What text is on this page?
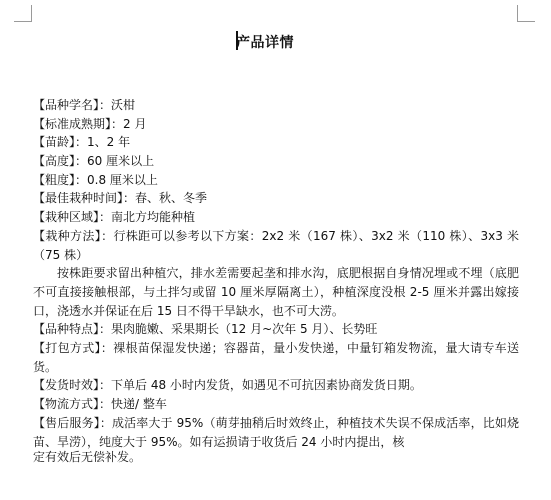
产品详情
【品种学名】：沃柑
【标准成熟期】：2 月
【苗龄】：1、2 年
【高度】：60 厘米以上
【粗度】：0.8 厘米以上
【最佳栽种时间】：春、秋、冬季
【栽种区域】：南北方均能种植
【栽种方法】：行株距可以参考以下方案：2x2 米（167 株）、3x2 米（110 株）、3x3 米（75 株）
按株距要求留出种植穴，排水差需要起垄和排水沟，底肥根据自身情况埋或不埋（底肥不可直接接触根部，与土拌匀或留 10 厘米厚隔离土），种植深度没根 2-5 厘米并露出嫁接口，浇透水并保证在后 15 日不得干旱缺水，也不可大涝。
【品种特点】：果肉脆嫩、采果期长（12 月~次年 5 月）、长势旺
【打包方式】：裸根苗保湿发快递；容器苗，量小发快递，中量钉箱发物流，量大请专车送货。
【发货时效】：下单后 48 小时内发货，如遇见不可抗因素协商发货日期。
【物流方式】：快递/ 整车
【售后服务】：成活率大于 95%（萌芽抽稍后时效终止，种植技术失误不保成活率，比如烧苗、旱涝），纯度大于 95%。如有运损请于收货后 24 小时内提出，核
定有效后无偿补发。
